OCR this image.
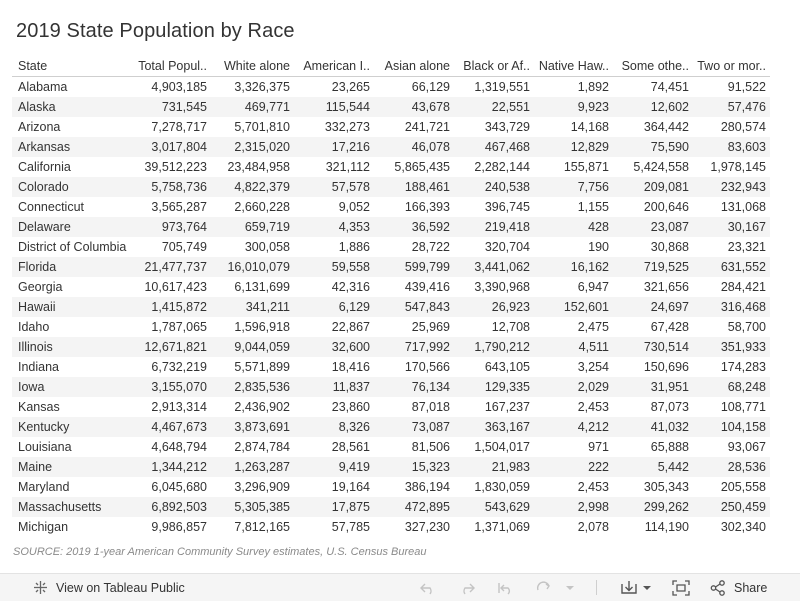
2019 State Population by Race
State	Total Popul..	White alone	American I..	Asian alone	Black or Af..	Native Haw..	Some othe..	Two or mor..
Alabama	4,903,185	3,326,375	23,265	66,129	1,319,551	1,892	74,451	91,522
Alaska	731,545	469,771	115,544	43,678	22,551	9,923	12,602	57,476
Arizona	7,278,717	5,701,810	332,273	241,721	343,729	14,168	364,442	280,574
Arkansas	3,017,804	2,315,020	17,216	46,078	467,468	12,829	75,590	83,603
California	39,512,223	23,484,958	321,112	5,865,435	2,282,144	155,871	5,424,558	1,978,145
Colorado	5,758,736	4,822,379	57,578	188,461	240,538	7,756	209,081	232,943
Connecticut	3,565,287	2,660,228	9,052	166,393	396,745	1,155	200,646	131,068
Delaware	973,764	659,719	4,353	36,592	219,418	428	23,087	30,167
District of Columbia	705,749	300,058	1,886	28,722	320,704	190	30,868	23,321
Florida	21,477,737	16,010,079	59,558	599,799	3,441,062	16,162	719,525	631,552
Georgia	10,617,423	6,131,699	42,316	439,416	3,390,968	6,947	321,656	284,421
Hawaii	1,415,872	341,211	6,129	547,843	26,923	152,601	24,697	316,468
Idaho	1,787,065	1,596,918	22,867	25,969	12,708	2,475	67,428	58,700
Illinois	12,671,821	9,044,059	32,600	717,992	1,790,212	4,511	730,514	351,933
Indiana	6,732,219	5,571,899	18,416	170,566	643,105	3,254	150,696	174,283
Iowa	3,155,070	2,835,536	11,837	76,134	129,335	2,029	31,951	68,248
Kansas	2,913,314	2,436,902	23,860	87,018	167,237	2,453	87,073	108,771
Kentucky	4,467,673	3,873,691	8,326	73,087	363,167	4,212	41,032	104,158
Louisiana	4,648,794	2,874,784	28,561	81,506	1,504,017	971	65,888	93,067
Maine	1,344,212	1,263,287	9,419	15,323	21,983	222	5,442	28,536
Maryland	6,045,680	3,296,909	19,164	386,194	1,830,059	2,453	305,343	205,558
Massachusetts	6,892,503	5,305,385	17,875	472,895	543,629	2,998	299,262	250,459
Michigan	9,986,857	7,812,165	57,785	327,230	1,371,069	2,078	114,190	302,340
SOURCE: 2019 1-year American Community Survey estimates, U.S. Census Bureau
View on Tableau Public	Share
